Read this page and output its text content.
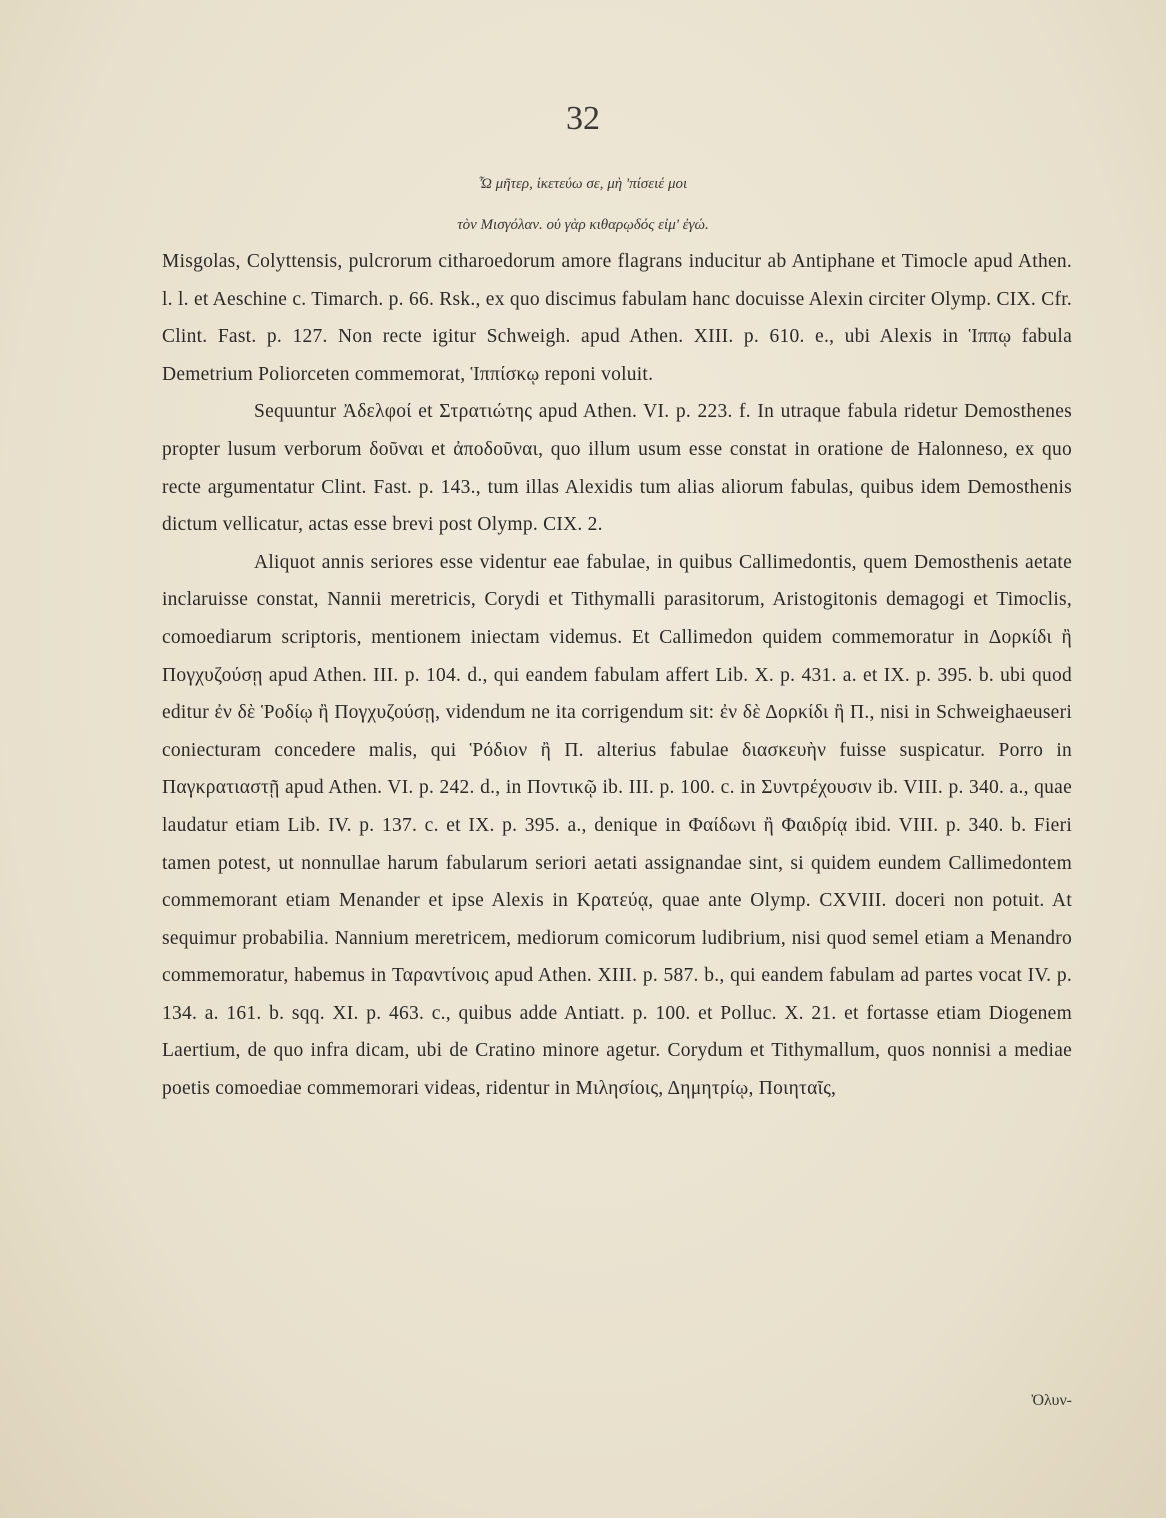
32
Ὦ μῆτερ, ἱκετεύω σε, μὴ 'πίσειέ μοι
τὸν Μισγόλαν. οὐ γὰρ κιθαρῳδός εἰμ' ἐγώ.

Misgolas, Colyttensis, pulcrorum citharoedorum amore flagrans inducitur ab Antiphane et Timocle apud Athen. l. l. et Aeschine c. Timarch. p. 66. Rsk., ex quo discimus fabulam hanc docuisse Alexin circiter Olymp. CIX. Cfr. Clint. Fast. p. 127. Non recte igitur Schweigh. apud Athen. XIII. p. 610. e., ubi Alexis in Ἱππῳ fabula Demetrium Poliorceten commemorat, Ἱππίσκῳ reponi voluit.

Sequuntur Ἀδελφοί et Στρατιώτης apud Athen. VI. p. 223. f. In utraque fabula ridetur Demosthenes propter lusum verborum δοῦναι et ἀποδοῦναι, quo illum usum esse constat in oratione de Halonneso, ex quo recte argumentatur Clint. Fast. p. 143., tum illas Alexidis tum alias aliorum fabulas, quibus idem Demosthenis dictum vellicatur, actas esse brevi post Olymp. CIX. 2.

Aliquot annis seriores esse videntur eae fabulae, in quibus Callimedontis, quem Demosthenis aetate inclaruisse constat, Nannii meretricis, Corydi et Tithymalli parasitorum, Aristogitonis demagogi et Timoclis, comoediarum scriptoris, mentionem iniectam videmus. Et Callimedon quidem commemoratur in Δορκίδι ἢ Πογχυζούσῃ apud Athen. III. p. 104. d., qui eandem fabulam affert Lib. X. p. 431. a. et IX. p. 395. b. ubi quod editur ἐν δὲ Ῥοδίῳ ἢ Πογχυζούσῃ, videndum ne ita corrigendum sit: ἐν δὲ Δορκίδι ἢ Π., nisi in Schweighaeuseri coniecturam concedere malis, qui Ῥόδιον ἢ Π. alterius fabulae διασκευὴν fuisse suspicatur. Porro in Παγκρατιαστῇ apud Athen. VI. p. 242. d., in Ποντικῷ ib. III. p. 100. c. in Συντρέχουσιν ib. VIII. p. 340. a., quae laudatur etiam Lib. IV. p. 137. c. et IX. p. 395. a., denique in Φαίδωνι ἢ Φαιδρίᾳ ibid. VIII. p. 340. b. Fieri tamen potest, ut nonnullae harum fabularum seriori aetati assignandae sint, si quidem eundem Callimedontem commemorant etiam Menander et ipse Alexis in Κρατεύᾳ, quae ante Olymp. CXVIII. doceri non potuit. At sequimur probabilia. Nannium meretricem, mediorum comicorum ludibrium, nisi quod semel etiam a Menandro commemoratur, habemus in Ταραντίνοις apud Athen. XIII. p. 587. b., qui eandem fabulam ad partes vocat IV. p. 134. a. 161. b. sqq. XI. p. 463. c., quibus adde Antiatt. p. 100. et Polluc. X. 21. et fortasse etiam Diogenem Laertium, de quo infra dicam, ubi de Cratino minore agetur. Corydum et Tithymallum, quos nonnisi a mediae poetis comoediae commemorari videas, ridentur in Μιλησίοις, Δημητρίῳ, Ποιηταῖς,

Ὀλυν-
